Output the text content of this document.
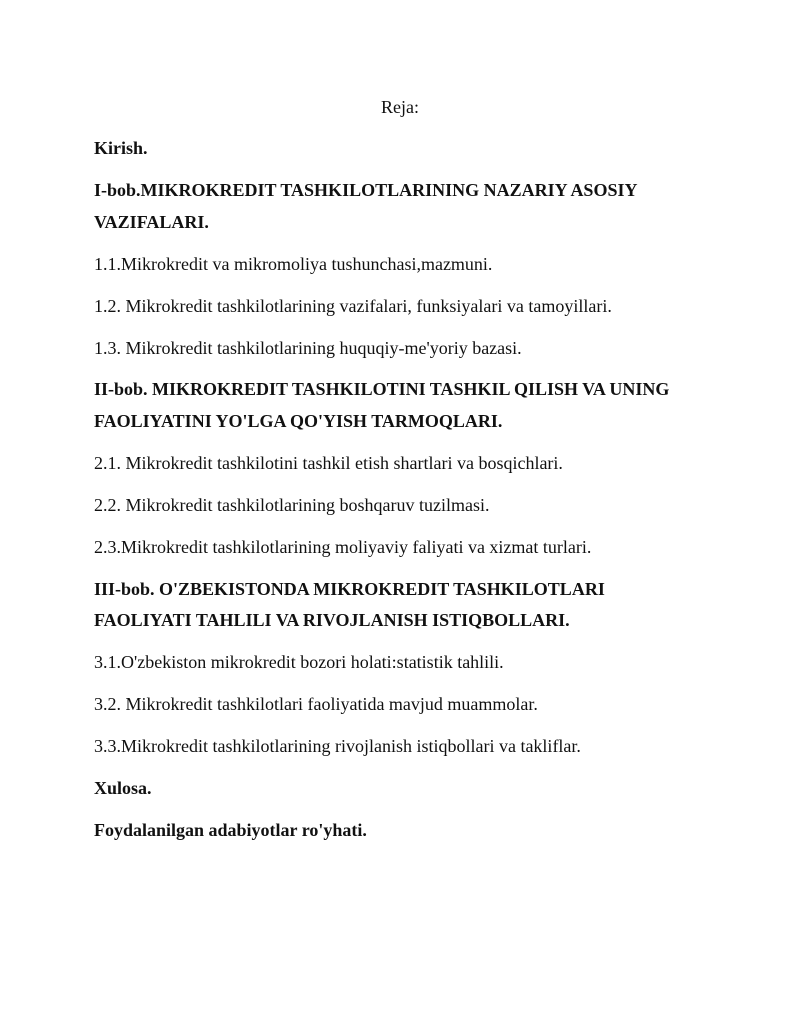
Reja:

Kirish.

I-bob.MIKROKREDIT TASHKILOTLARINING NAZARIY ASOSIY

VAZIFALARI.

1.1.Mikrokredit va mikromoliya tushunchasi,mazmuni.

1.2. Mikrokredit tashkilotlarining vazifalari, funksiyalari va tamoyillari.

1.3. Mikrokredit tashkilotlarining huquqiy-me'yoriy bazasi.

II-bob. MIKROKREDIT TASHKILOTINI TASHKIL QILISH VA UNING

FAOLIYATINI YO'LGA QO'YISH TARMOQLARI.

2.1. Mikrokredit tashkilotini tashkil etish shartlari va bosqichlari.

2.2. Mikrokredit tashkilotlarining boshqaruv tuzilmasi.

2.3.Mikrokredit tashkilotlarining moliyaviy faliyati va xizmat turlari.

III-bob. O'ZBEKISTONDA MIKROKREDIT TASHKILOTLARI

FAOLIYATI TAHLILI VA RIVOJLANISH ISTIQBOLLARI.

3.1.O'zbekiston mikrokredit bozori holati:statistik tahlili.

3.2. Mikrokredit tashkilotlari faoliyatida mavjud muammolar.

3.3.Mikrokredit tashkilotlarining rivojlanish istiqbollari va takliflar.

Xulosa.

Foydalanilgan adabiyotlar ro'yhati.
